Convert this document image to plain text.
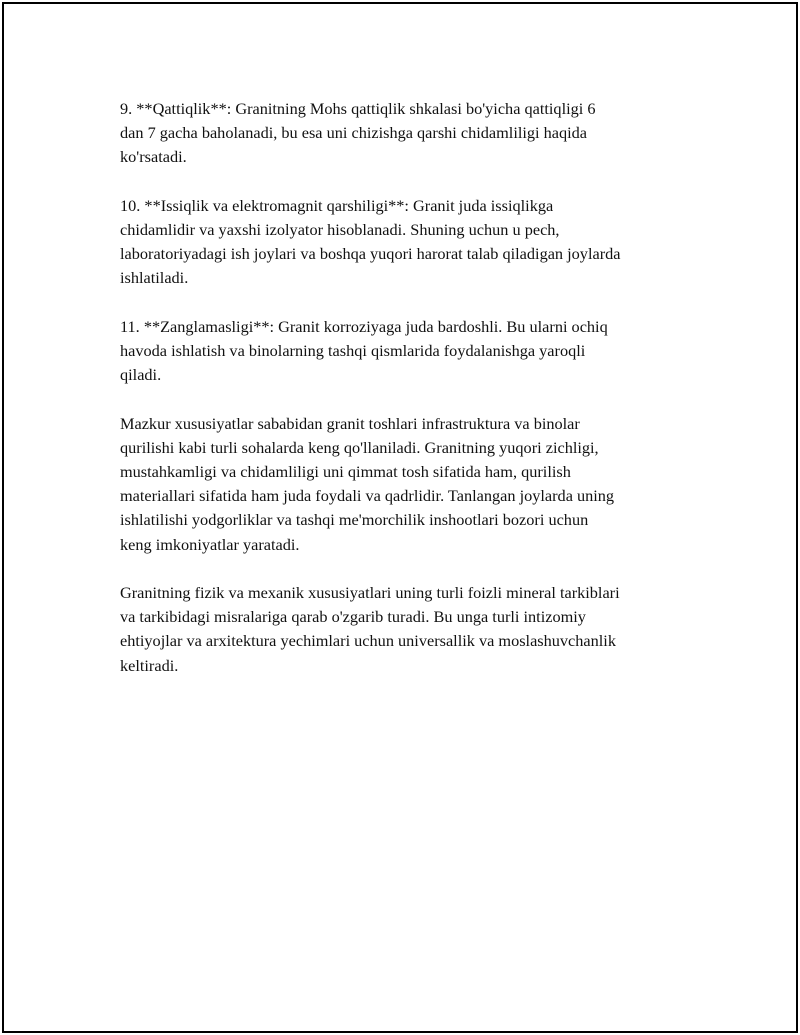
9. **Qattiqlik**: Granitning Mohs qattiqlik shkalasi bo'yicha qattiqligi 6
dan 7 gacha baholanadi, bu esa uni chizishga qarshi chidamliligi haqida
ko'rsatadi.

10. **Issiqlik va elektromagnit qarshiligi**: Granit juda issiqlikga
chidamlidir va yaxshi izolyator hisoblanadi. Shuning uchun u pech,
laboratoriyadagi ish joylari va boshqa yuqori harorat talab qiladigan joylarda
ishlatiladi.

11. **Zanglamasligi**: Granit korroziyaga juda bardoshli. Bu ularni ochiq
havoda ishlatish va binolarning tashqi qismlarida foydalanishga yaroqli
qiladi.

Mazkur xususiyatlar sababidan granit toshlari infrastruktura va binolar
qurilishi kabi turli sohalarda keng qo'llaniladi. Granitning yuqori zichligi,
mustahkamligi va chidamliligi uni qimmat tosh sifatida ham, qurilish
materiallari sifatida ham juda foydali va qadrlidir. Tanlangan joylarda uning
ishlatilishi yodgorliklar va tashqi me'morchilik inshootlari bozori uchun
keng imkoniyatlar yaratadi.

Granitning fizik va mexanik xususiyatlari uning turli foizli mineral tarkiblari
va tarkibidagi misralariga qarab o'zgarib turadi. Bu unga turli intizomiy
ehtiyojlar va arxitektura yechimlari uchun universallik va moslashuvchanlik
keltiradi.
